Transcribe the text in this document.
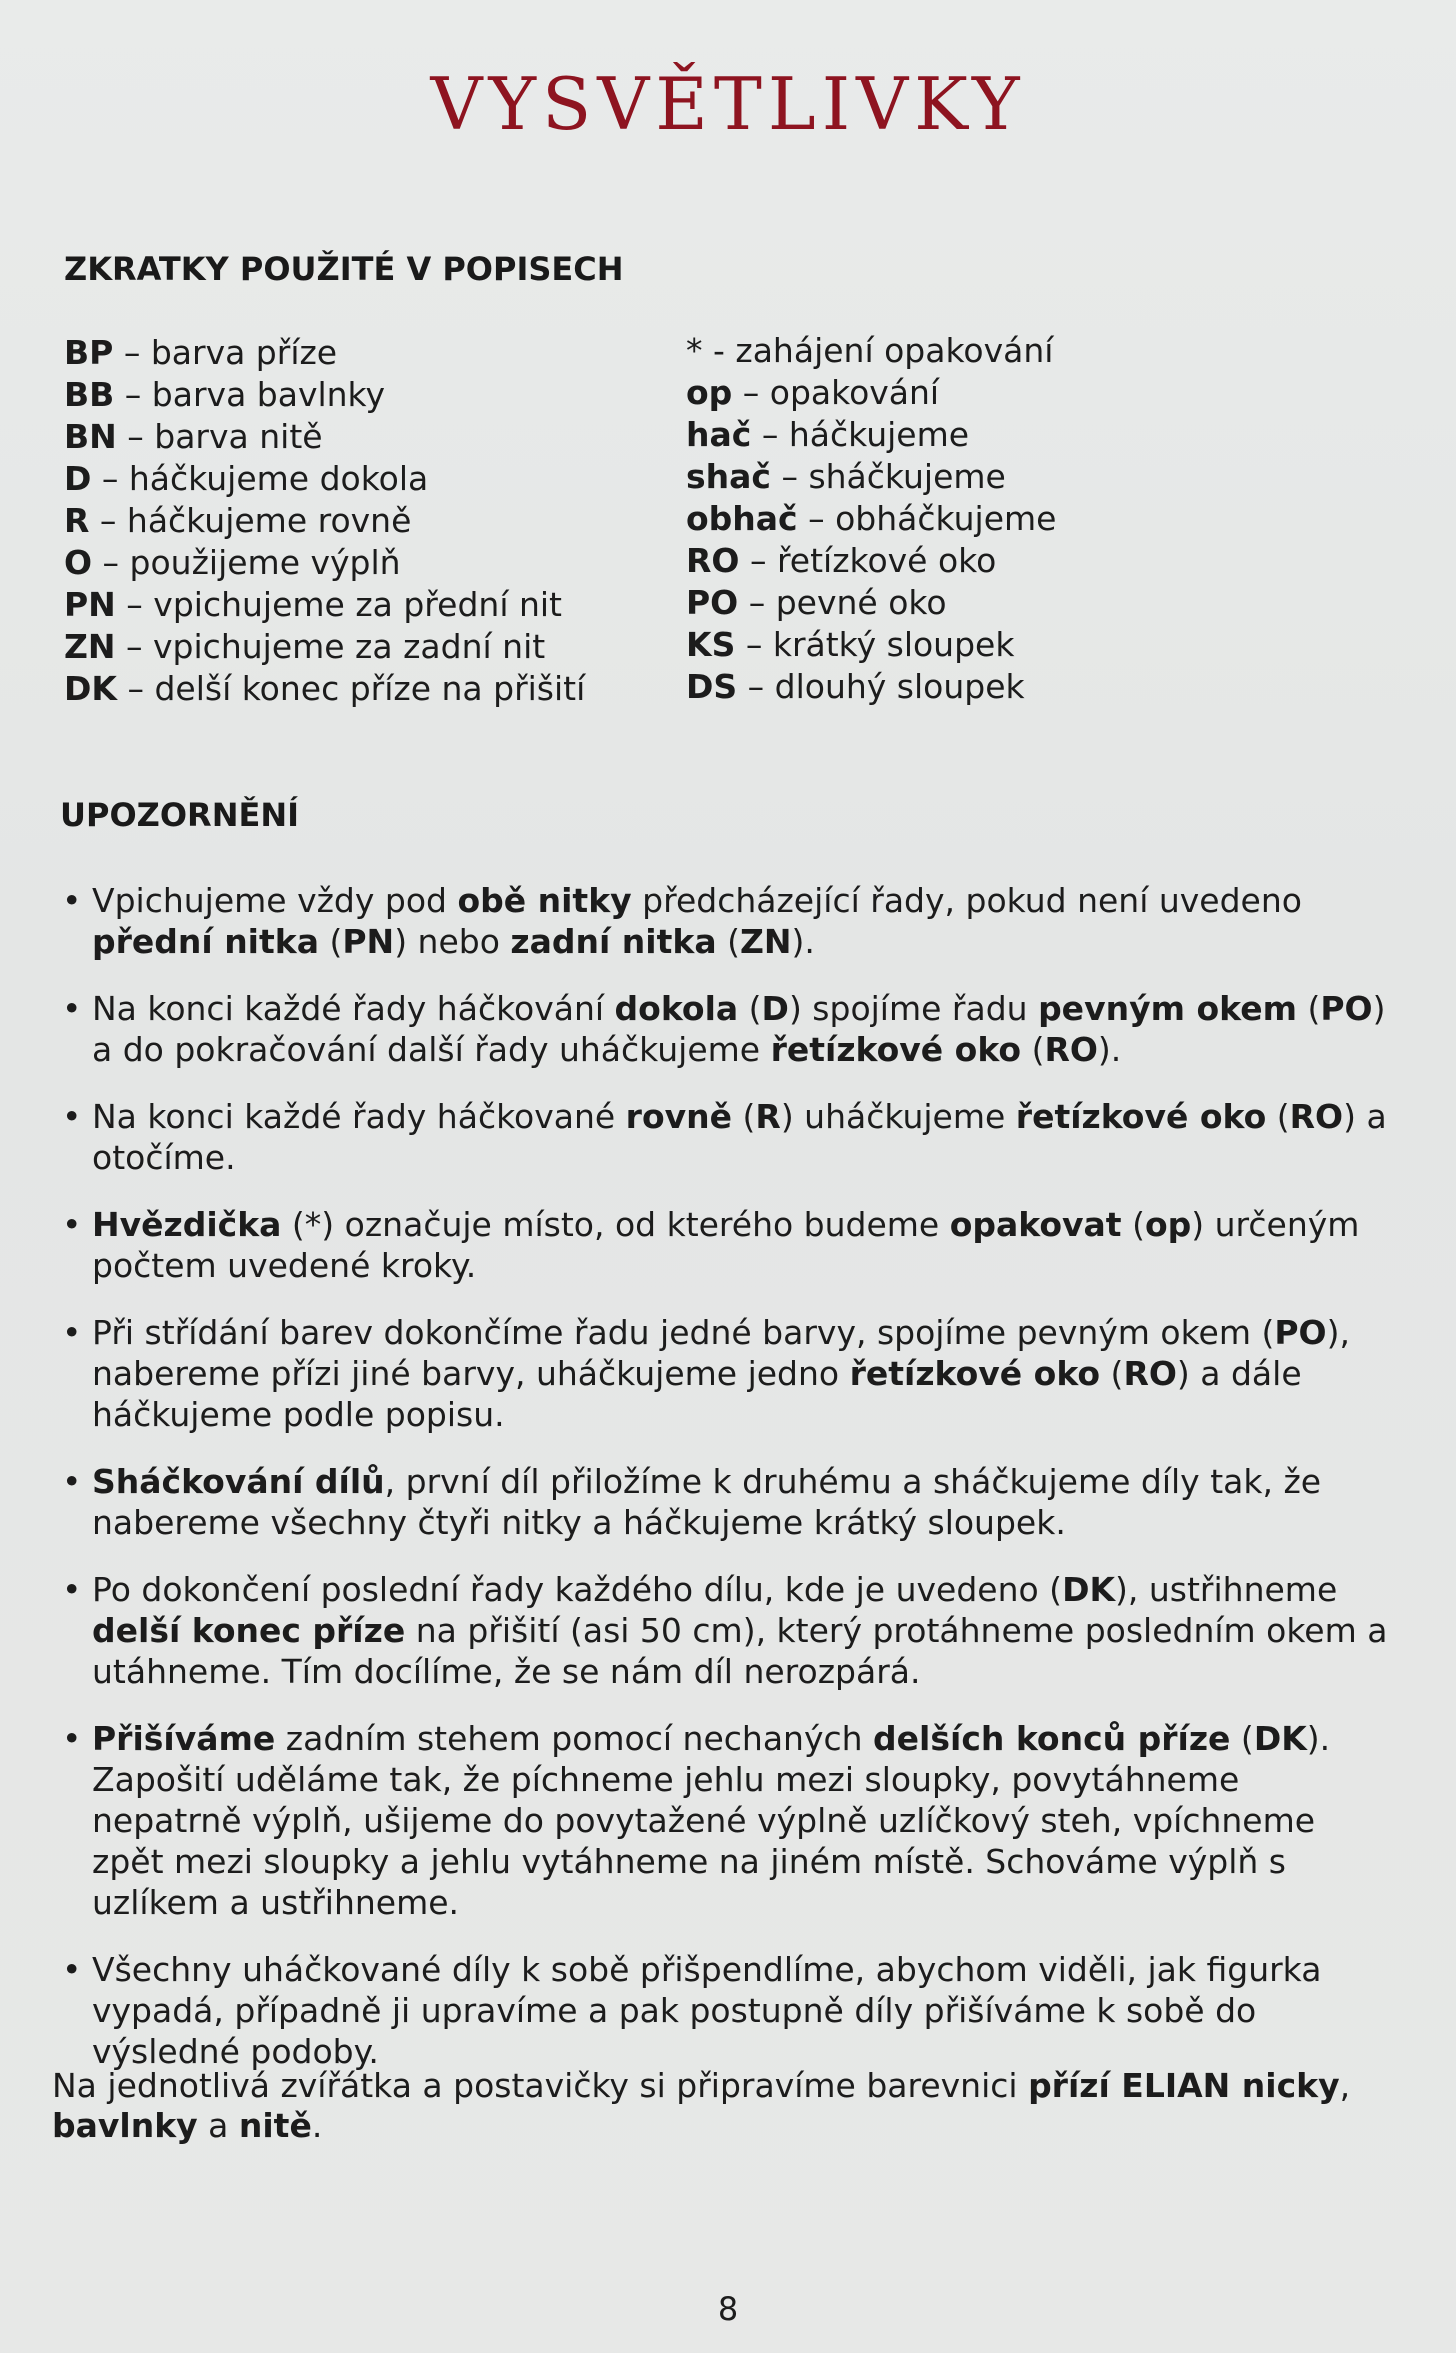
VYSVĚTLIVKY
ZKRATKY POUŽITÉ V POPISECH
BP – barva příze
BB – barva bavlnky
BN – barva nitě
D – háčkujeme dokola
R – háčkujeme rovně
O – použijeme výplň
PN – vpichujeme za přední nit
ZN – vpichujeme za zadní nit
DK – delší konec příze na přišití
* - zahájení opakování
op – opakování
hač – háčkujeme
shač – sháčkujeme
obhač – obháčkujeme
RO – řetízkové oko
PO – pevné oko
KS – krátký sloupek
DS – dlouhý sloupek
UPOZORNĚNÍ
• Vpichujeme vždy pod obě nitky předcházející řady, pokud není uvedeno přední nitka (PN) nebo zadní nitka (ZN).
• Na konci každé řady háčkování dokola (D) spojíme řadu pevným okem (PO) a do pokračování další řady uháčkujeme řetízkové oko (RO).
• Na konci každé řady háčkované rovně (R) uháčkujeme řetízkové oko (RO) a otočíme.
• Hvězdička (*) označuje místo, od kterého budeme opakovat (op) určeným počtem uvedené kroky.
• Při střídání barev dokončíme řadu jedné barvy, spojíme pevným okem (PO), nabereme přízi jiné barvy, uháčkujeme jedno řetízkové oko (RO) a dále háčkujeme podle popisu.
• Sháčkování dílů, první díl přiložíme k druhému a sháčkujeme díly tak, že nabereme všechny čtyři nitky a háčkujeme krátký sloupek.
• Po dokončení poslední řady každého dílu, kde je uvedeno (DK), ustřihneme delší konec příze na přišití (asi 50 cm), který protáhneme posledním okem a utáhneme. Tím docílíme, že se nám díl nerozpárá.
• Přišíváme zadním stehem pomocí nechaných delších konců příze (DK). Zapošití uděláme tak, že píchneme jehlu mezi sloupky, povytáhneme nepatrně výplň, ušijeme do povytažené výplně uzlíčkový steh, vpíchneme zpět mezi sloupky a jehlu vytáhneme na jiném místě. Schováme výplň s uzlíkem a ustřihneme.
• Všechny uháčkované díly k sobě přišpendlíme, abychom viděli, jak figurka vypadá, případně ji upravíme a pak postupně díly přišíváme k sobě do výsledné podoby.
Na jednotlivá zvířátka a postavičky si připravíme barevnici přízí ELIAN nicky, bavlnky a nitě.
8
